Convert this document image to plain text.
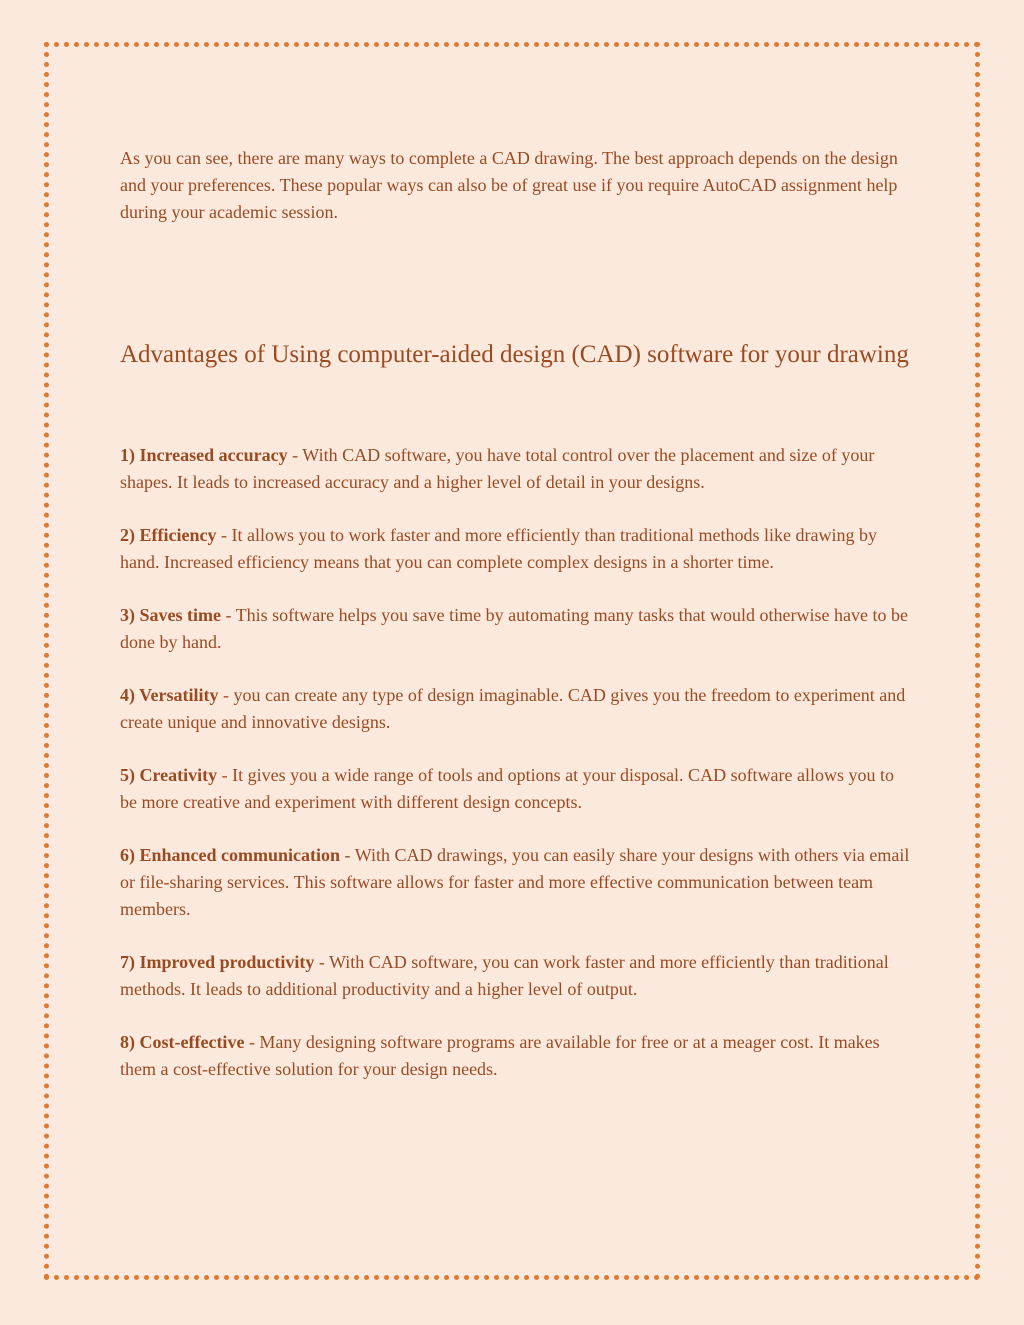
As you can see, there are many ways to complete a CAD drawing. The best approach depends on the design and your preferences. These popular ways can also be of great use if you require AutoCAD assignment help during your academic session.

Advantages of Using computer-aided design (CAD) software for your drawing

1) Increased accuracy - With CAD software, you have total control over the placement and size of your shapes. It leads to increased accuracy and a higher level of detail in your designs.

2) Efficiency - It allows you to work faster and more efficiently than traditional methods like drawing by hand. Increased efficiency means that you can complete complex designs in a shorter time.

3) Saves time - This software helps you save time by automating many tasks that would otherwise have to be done by hand.

4) Versatility - you can create any type of design imaginable. CAD gives you the freedom to experiment and create unique and innovative designs.

5) Creativity - It gives you a wide range of tools and options at your disposal. CAD software allows you to be more creative and experiment with different design concepts.

6) Enhanced communication - With CAD drawings, you can easily share your designs with others via email or file-sharing services. This software allows for faster and more effective communication between team members.

7) Improved productivity - With CAD software, you can work faster and more efficiently than traditional methods. It leads to additional productivity and a higher level of output.

8) Cost-effective - Many designing software programs are available for free or at a meager cost. It makes them a cost-effective solution for your design needs.
